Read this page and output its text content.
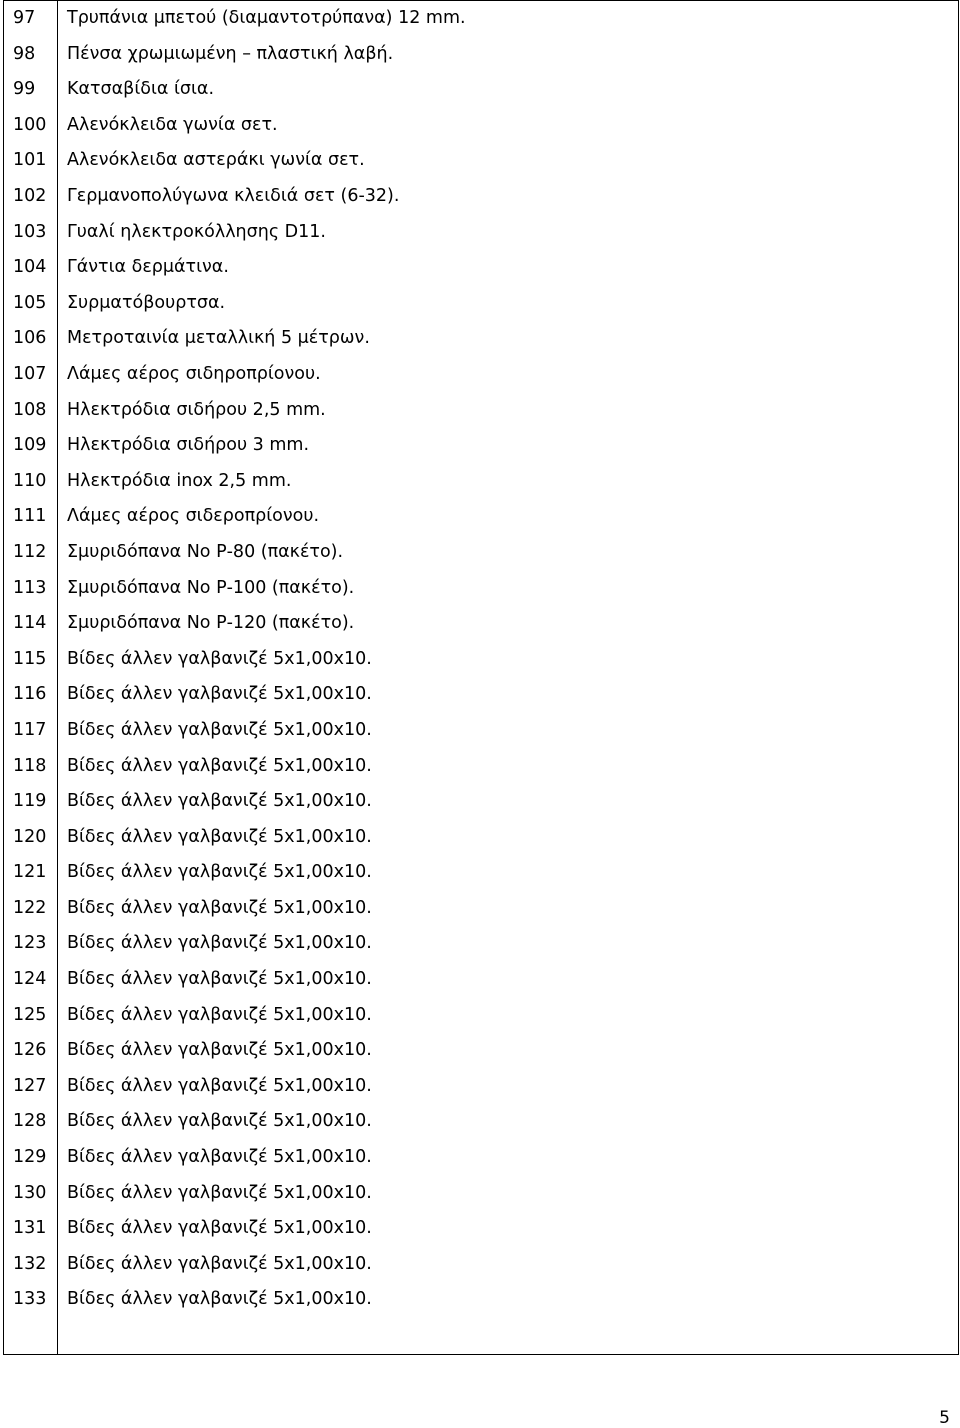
97	Τρυπάνια μπετού (διαμαντοτρύπανα) 12 mm.
98	Πένσα χρωμιωμένη – πλαστική λαβή.
99	Κατσαβίδια ίσια.
100	Αλενόκλειδα γωνία σετ.
101	Αλενόκλειδα αστεράκι γωνία σετ.
102	Γερμανοπολύγωνα κλειδιά σετ (6-32).
103	Γυαλί ηλεκτροκόλλησης D11.
104	Γάντια δερμάτινα.
105	Συρματόβουρτσα.
106	Μετροταινία μεταλλική 5 μέτρων.
107	Λάμες αέρος σιδηροπρίονου.
108	Ηλεκτρόδια σιδήρου 2,5 mm.
109	Ηλεκτρόδια σιδήρου 3 mm.
110	Ηλεκτρόδια inox 2,5 mm.
111	Λάμες αέρος σιδεροπρίονου.
112	Σμυριδόπανα Νο Ρ-80 (πακέτο).
113	Σμυριδόπανα Νο Ρ-100 (πακέτο).
114	Σμυριδόπανα Νο Ρ-120 (πακέτο).
115	Βίδες άλλεν γαλβανιζέ 5x1,00x10.
116	Βίδες άλλεν γαλβανιζέ 5x1,00x10.
117	Βίδες άλλεν γαλβανιζέ 5x1,00x10.
118	Βίδες άλλεν γαλβανιζέ 5x1,00x10.
119	Βίδες άλλεν γαλβανιζέ 5x1,00x10.
120	Βίδες άλλεν γαλβανιζέ 5x1,00x10.
121	Βίδες άλλεν γαλβανιζέ 5x1,00x10.
122	Βίδες άλλεν γαλβανιζέ 5x1,00x10.
123	Βίδες άλλεν γαλβανιζέ 5x1,00x10.
124	Βίδες άλλεν γαλβανιζέ 5x1,00x10.
125	Βίδες άλλεν γαλβανιζέ 5x1,00x10.
126	Βίδες άλλεν γαλβανιζέ 5x1,00x10.
127	Βίδες άλλεν γαλβανιζέ 5x1,00x10.
128	Βίδες άλλεν γαλβανιζέ 5x1,00x10.
129	Βίδες άλλεν γαλβανιζέ 5x1,00x10.
130	Βίδες άλλεν γαλβανιζέ 5x1,00x10.
131	Βίδες άλλεν γαλβανιζέ 5x1,00x10.
132	Βίδες άλλεν γαλβανιζέ 5x1,00x10.
133	Βίδες άλλεν γαλβανιζέ 5x1,00x10.

5
